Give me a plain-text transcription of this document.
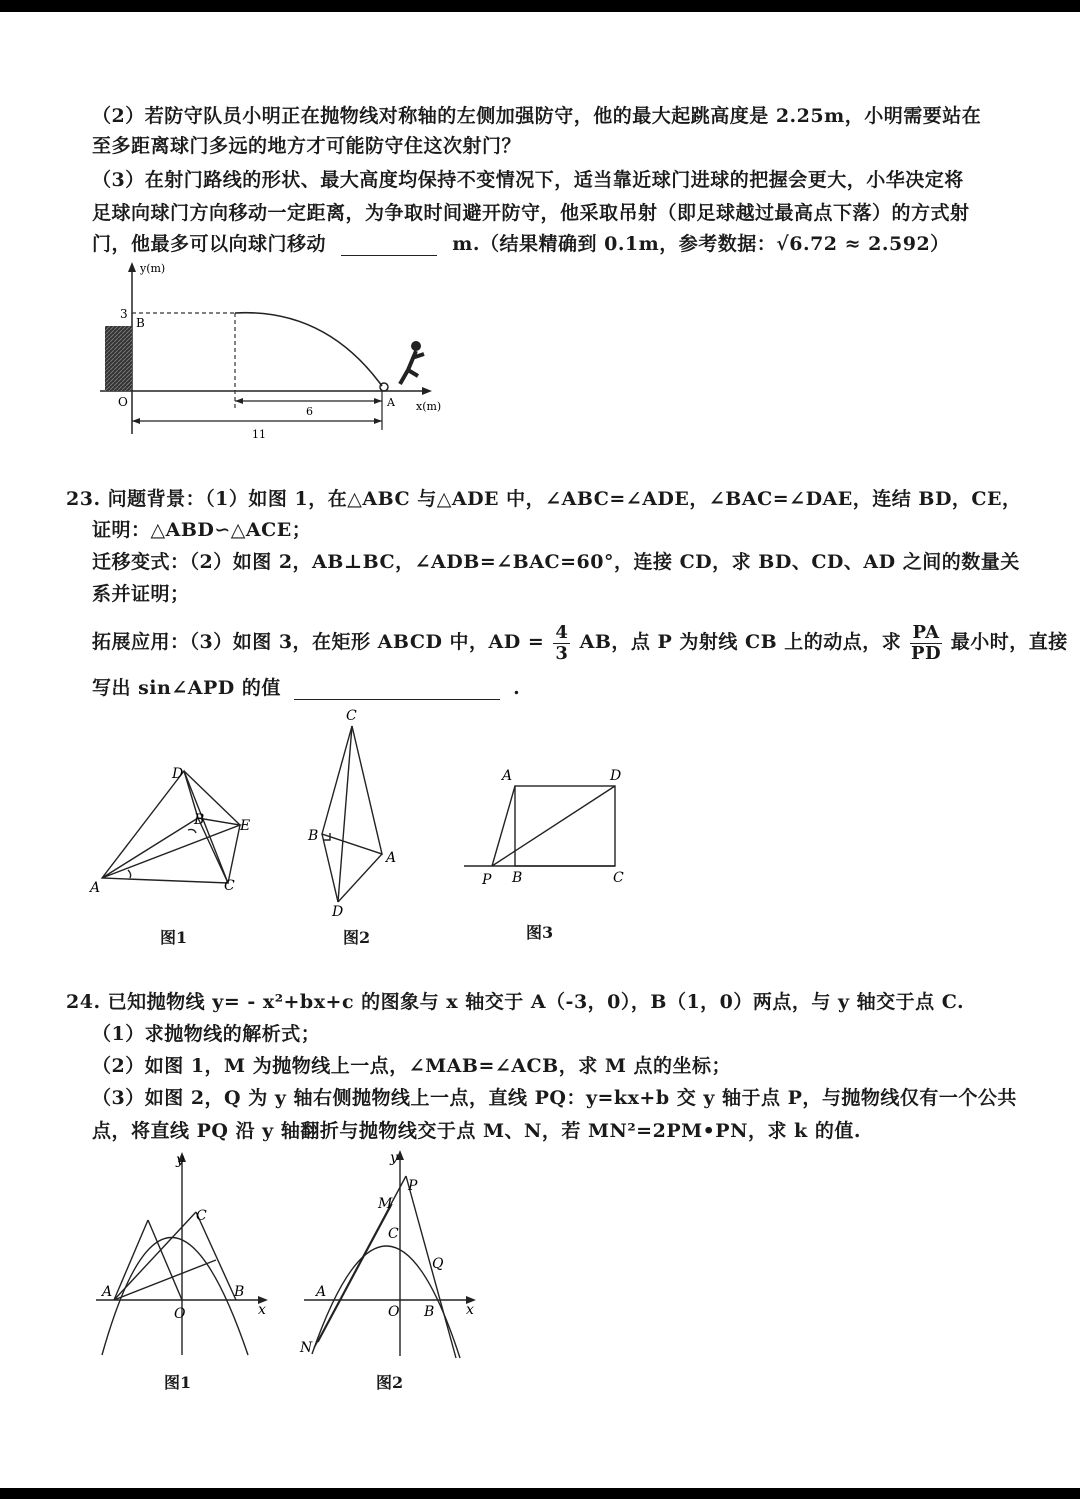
（2）若防守队员小明正在抛物线对称轴的左侧加强防守，他的最大起跳高度是 2.25m，小明需要站在
至多距离球门多远的地方才可能防守住这次射门？
（3）在射门路线的形状、最大高度均保持不变情况下，适当靠近球门进球的把握会更大，小华决定将
足球向球门方向移动一定距离，为争取时间避开防守，他采取吊射（即足球越过最高点下落）的方式射
门，他最多可以向球门移动	m.（结果精确到 0.1m，参考数据：√6.72 ≈ 2.592）
y(m)
x(m)
O
3
B
A
6
11
23. 问题背景：（1）如图 1，在△ABC 与△ADE 中，∠ABC=∠ADE，∠BAC=∠DAE，连结 BD，CE，
证明：△ABD∽△ACE；
迁移变式：（2）如图 2，AB⊥BC，∠ADB=∠BAC=60°，连接 CD，求 BD、CD、AD 之间的数量关
系并证明；
拓展应用：（3）如图 3，在矩形 ABCD 中，AD = $\frac{4}{3}$ AB，点 P 为射线 CB 上的动点，求 $\frac{PA}{PD}$ 最小时，直接
写出 sin∠APD 的值	.
A
D
B	E
C
图1
C
B
A
D
图2
A	D
P B	C
图3
24. 已知抛物线 y= - x²+bx+c 的图象与 x 轴交于 A（-3，0），B（1，0）两点，与 y 轴交于点 C.
（1）求抛物线的解析式；
（2）如图 1，M 为抛物线上一点，∠MAB=∠ACB，求 M 点的坐标；
（3）如图 2，Q 为 y 轴右侧抛物线上一点，直线 PQ：y=kx+b 交 y 轴于点 P，与抛物线仅有一个公共
点，将直线 PQ 沿 y 轴翻折与抛物线交于点 M、N，若 MN²=2PM•PN，求 k 的值.
y
x
A	B
C
O
图1
y
x
P
M
C
Q
A
B
O
N
图2
